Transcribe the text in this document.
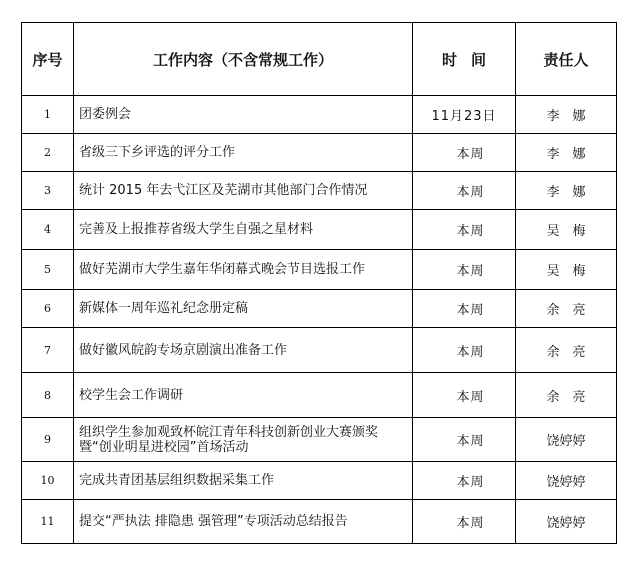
序号	工作内容（不含常规工作）	时间	责任人
1	团委例会	11月23日	李娜
2	省级三下乡评选的评分工作	本周	李娜
3	统计 2015 年去弋江区及芜湖市其他部门合作情况	本周	李娜
4	完善及上报推荐省级大学生自强之星材料	本周	吴梅
5	做好芜湖市大学生嘉年华闭幕式晚会节目选报工作	本周	吴梅
6	新媒体一周年巡礼纪念册定稿	本周	余亮
7	做好徽风皖韵专场京剧演出准备工作	本周	余亮
8	校学生会工作调研	本周	余亮
9	组织学生参加观致杯皖江青年科技创新创业大赛颁奖暨“创业明星进校园”首场活动	本周	饶婷婷
10	完成共青团基层组织数据采集工作	本周	饶婷婷
11	提交“严执法 排隐患 强管理”专项活动总结报告	本周	饶婷婷
